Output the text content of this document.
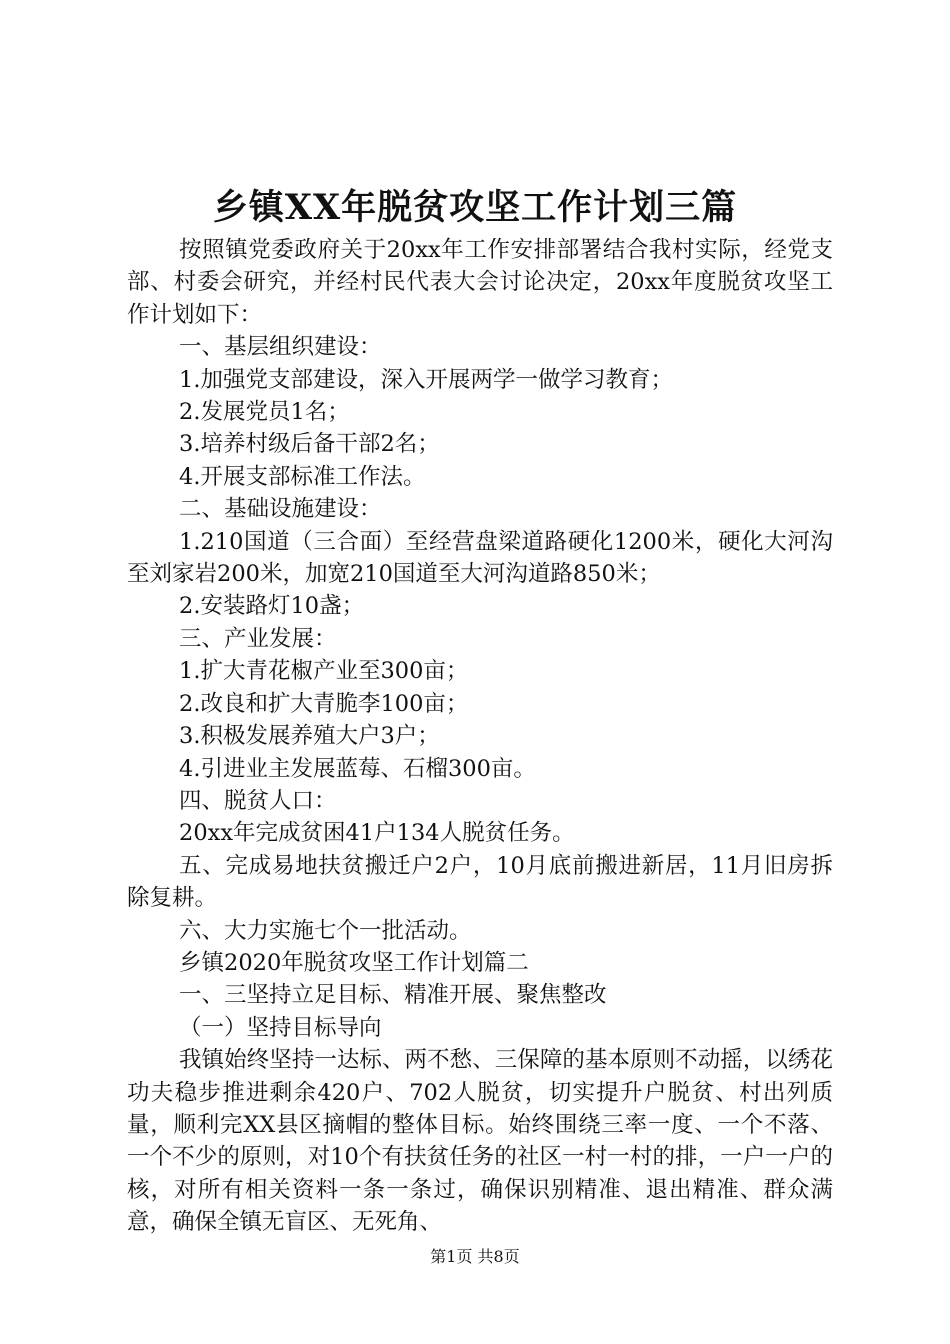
乡镇XX年脱贫攻坚工作计划三篇

按照镇党委政府关于20xx年工作安排部署结合我村实际，经党支部、村委会研究，并经村民代表大会讨论决定，20xx年度脱贫攻坚工作计划如下：

一、基层组织建设：

1.加强党支部建设，深入开展两学一做学习教育；

2.发展党员1名；

3.培养村级后备干部2名；

4.开展支部标准工作法。

二、基础设施建设：

1.210国道（三合面）至经营盘梁道路硬化1200米，硬化大河沟至刘家岩200米，加宽210国道至大河沟道路850米；

2.安装路灯10盏；

三、产业发展：

1.扩大青花椒产业至300亩；

2.改良和扩大青脆李100亩；

3.积极发展养殖大户3户；

4.引进业主发展蓝莓、石榴300亩。

四、脱贫人口：

20xx年完成贫困41户134人脱贫任务。

五、完成易地扶贫搬迁户2户，10月底前搬进新居，11月旧房拆除复耕。

六、大力实施七个一批活动。

乡镇2020年脱贫攻坚工作计划篇二

一、三坚持立足目标、精准开展、聚焦整改

（一）坚持目标导向

我镇始终坚持一达标、两不愁、三保障的基本原则不动摇，以绣花功夫稳步推进剩余420户、702人脱贫，切实提升户脱贫、村出列质量，顺利完XX县区摘帽的整体目标。始终围绕三率一度、一个不落、一个不少的原则，对10个有扶贫任务的社区一村一村的排，一户一户的核，对所有相关资料一条一条过，确保识别精准、退出精准、群众满意，确保全镇无盲区、无死角、

第1页 共8页
